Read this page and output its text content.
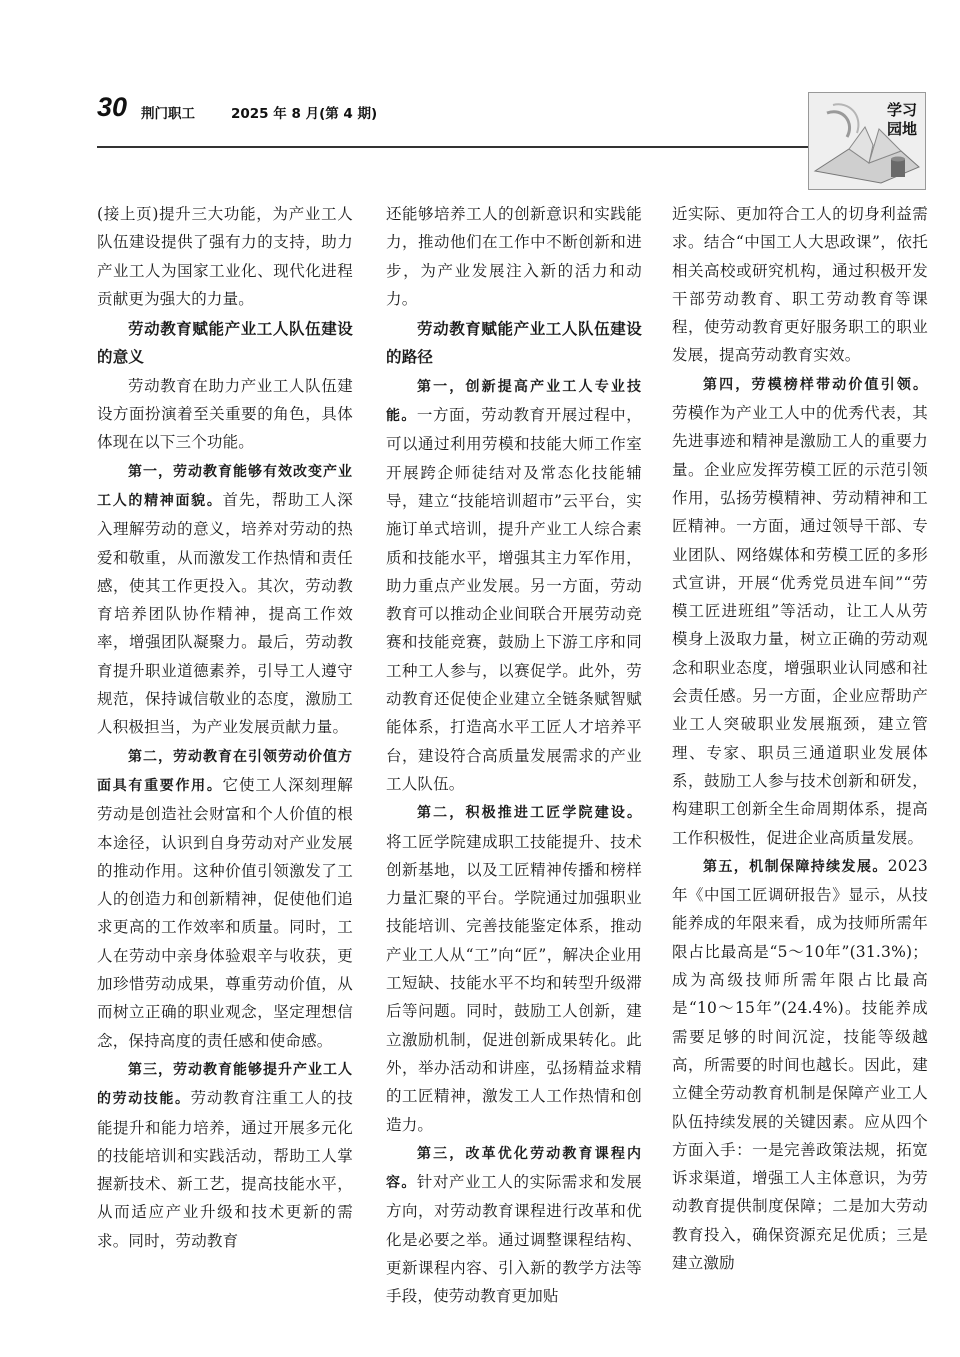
30 荆门职工	2025 年 8 月(第 4 期)	学习
园地

(接上页)提升三大功能，为产业工人队伍建设提供了强有力的支持，助力产业工人为国家工业化、现代化进程贡献更为强大的力量。

劳动教育赋能产业工人队伍建设的意义

劳动教育在助力产业工人队伍建设方面扮演着至关重要的角色，具体体现在以下三个功能。

第一，劳动教育能够有效改变产业工人的精神面貌。首先，帮助工人深入理解劳动的意义，培养对劳动的热爱和敬重，从而激发工作热情和责任感，使其工作更投入。其次，劳动教育培养团队协作精神，提高工作效率，增强团队凝聚力。最后，劳动教育提升职业道德素养，引导工人遵守规范，保持诚信敬业的态度，激励工人积极担当，为产业发展贡献力量。

第二，劳动教育在引领劳动价值方面具有重要作用。它使工人深刻理解劳动是创造社会财富和个人价值的根本途径，认识到自身劳动对产业发展的推动作用。这种价值引领激发了工人的创造力和创新精神，促使他们追求更高的工作效率和质量。同时，工人在劳动中亲身体验艰辛与收获，更加珍惜劳动成果，尊重劳动价值，从而树立正确的职业观念，坚定理想信念，保持高度的责任感和使命感。

第三，劳动教育能够提升产业工人的劳动技能。劳动教育注重工人的技能提升和能力培养，通过开展多元化的技能培训和实践活动，帮助工人掌握新技术、新工艺，提高技能水平，从而适应产业升级和技术更新的需求。同时，劳动教育

还能够培养工人的创新意识和实践能力，推动他们在工作中不断创新和进步，为产业发展注入新的活力和动力。

劳动教育赋能产业工人队伍建设的路径

第一，创新提高产业工人专业技能。一方面，劳动教育开展过程中，可以通过利用劳模和技能大师工作室开展跨企师徒结对及常态化技能辅导，建立“技能培训超市”云平台，实施订单式培训，提升产业工人综合素质和技能水平，增强其主力军作用，助力重点产业发展。另一方面，劳动教育可以推动企业间联合开展劳动竞赛和技能竞赛，鼓励上下游工序和同工种工人参与，以赛促学。此外，劳动教育还促使企业建立全链条赋智赋能体系，打造高水平工匠人才培养平台，建设符合高质量发展需求的产业工人队伍。

第二，积极推进工匠学院建设。将工匠学院建成职工技能提升、技术创新基地，以及工匠精神传播和榜样力量汇聚的平台。学院通过加强职业技能培训、完善技能鉴定体系，推动产业工人从“工”向“匠”，解决企业用工短缺、技能水平不均和转型升级滞后等问题。同时，鼓励工人创新，建立激励机制，促进创新成果转化。此外，举办活动和讲座，弘扬精益求精的工匠精神，激发工人工作热情和创造力。

第三，改革优化劳动教育课程内容。针对产业工人的实际需求和发展方向，对劳动教育课程进行改革和优化是必要之举。通过调整课程结构、更新课程内容、引入新的教学方法等手段，使劳动教育更加贴

近实际、更加符合工人的切身利益需求。结合“中国工人大思政课”，依托相关高校或研究机构，通过积极开发干部劳动教育、职工劳动教育等课程，使劳动教育更好服务职工的职业发展，提高劳动教育实效。

第四，劳模榜样带动价值引领。劳模作为产业工人中的优秀代表，其先进事迹和精神是激励工人的重要力量。企业应发挥劳模工匠的示范引领作用，弘扬劳模精神、劳动精神和工匠精神。一方面，通过领导干部、专业团队、网络媒体和劳模工匠的多形式宣讲，开展“优秀党员进车间”“劳模工匠进班组”等活动，让工人从劳模身上汲取力量，树立正确的劳动观念和职业态度，增强职业认同感和社会责任感。另一方面，企业应帮助产业工人突破职业发展瓶颈，建立管理、专家、职员三通道职业发展体系，鼓励工人参与技术创新和研发，构建职工创新全生命周期体系，提高工作积极性，促进企业高质量发展。

第五，机制保障持续发展。2023年《中国工匠调研报告》显示，从技能养成的年限来看，成为技师所需年限占比最高是“5～10年”(31.3%)；成为高级技师所需年限占比最高是“10～15年”(24.4%)。技能养成需要足够的时间沉淀，技能等级越高，所需要的时间也越长。因此，建立健全劳动教育机制是保障产业工人队伍持续发展的关键因素。应从四个方面入手：一是完善政策法规，拓宽诉求渠道，增强工人主体意识，为劳动教育提供制度保障；二是加大劳动教育投入，确保资源充足优质；三是建立激励
